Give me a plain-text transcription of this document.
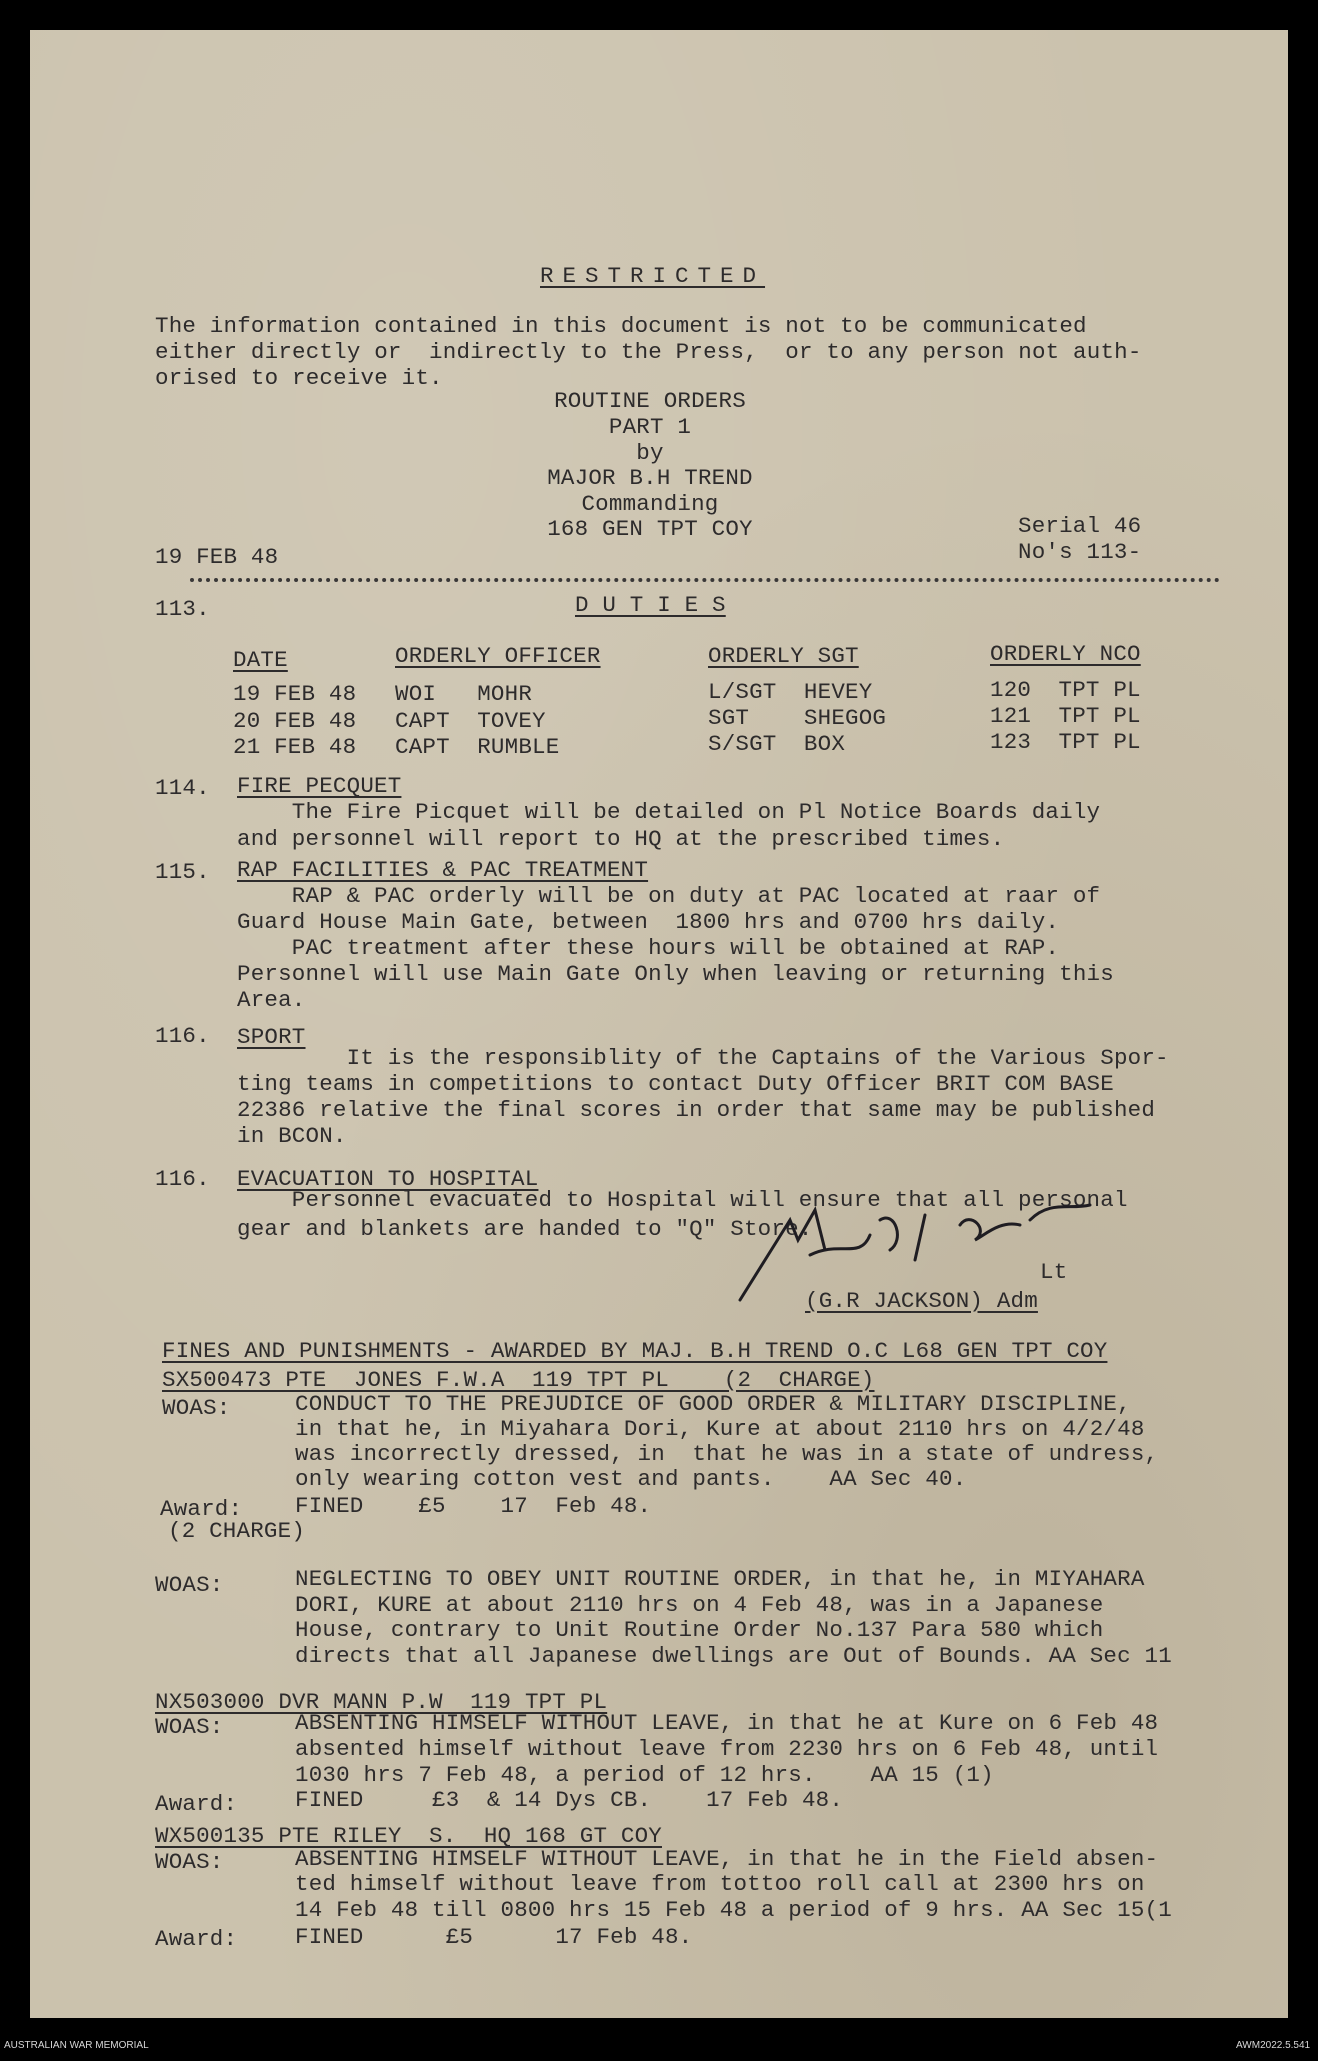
RESTRICTED
The information contained in this document is not to be communicated
either directly or  indirectly to the Press,  or to any person not auth-
orised to receive it.
ROUTINE ORDERS
PART 1
by
MAJOR B.H TREND
Commanding
168 GEN TPT COY
19 FEB 48
Serial 46
No's 113-
113.	D U T I E S
DATE	ORDERLY OFFICER	ORDERLY SGT	ORDERLY NCO
19 FEB 48 WOI   MOHR	L/SGT  HEVEY	120  TPT PL
20 FEB 48 CAPT  TOVEY	SGT    SHEGOG	121  TPT PL
21 FEB 48 CAPT  RUMBLE	S/SGT  BOX	123  TPT PL
114. FIRE PECQUET
The Fire Picquet will be detailed on Pl Notice Boards daily
and personnel will report to HQ at the prescribed times.
115. RAP FACILITIES & PAC TREATMENT
RAP & PAC orderly will be on duty at PAC located at raar of
Guard House Main Gate, between  1800 hrs and 0700 hrs daily.
PAC treatment after these hours will be obtained at RAP.
Personnel will use Main Gate Only when leaving or returning this
Area.
116. SPORT
It is the responsiblity of the Captains of the Various Spor-
ting teams in competitions to contact Duty Officer BRIT COM BASE
22386 relative the final scores in order that same may be published
in BCON.
116. EVACUATION TO HOSPITAL
Personnel evacuated to Hospital will ensure that all personal
gear and blankets are handed to "Q" Store.
Lt
(G.R JACKSON) Adm
FINES AND PUNISHMENTS - AWARDED BY MAJ. B.H TREND O.C L68 GEN TPT COY
SX500473 PTE  JONES F.W.A  119 TPT PL    (2  CHARGE)
WOAS:	CONDUCT TO THE PREJUDICE OF GOOD ORDER & MILITARY DISCIPLINE,
in that he, in Miyahara Dori, Kure at about 2110 hrs on 4/2/48
was incorrectly dressed, in  that he was in a state of undress,
only wearing cotton vest and pants.    AA Sec 40.
Award: FINED    £5    17  Feb 48.
(2 CHARGE)
WOAS:	NEGLECTING TO OBEY UNIT ROUTINE ORDER, in that he, in MIYAHARA
DORI, KURE at about 2110 hrs on 4 Feb 48, was in a Japanese
House, contrary to Unit Routine Order No.137 Para 580 which
directs that all Japanese dwellings are Out of Bounds. AA Sec 11
NX503000 DVR MANN P.W  119 TPT PL
WOAS:	ABSENTING HIMSELF WITHOUT LEAVE, in that he at Kure on 6 Feb 48
absented himself without leave from 2230 hrs on 6 Feb 48, until
1030 hrs 7 Feb 48, a period of 12 hrs.    AA 15 (1)
Award:	FINED     £3  & 14 Dys CB.    17 Feb 48.
WX500135 PTE RILEY  S.  HQ 168 GT COY
WOAS:	ABSENTING HIMSELF WITHOUT LEAVE, in that he in the Field absen-
ted himself without leave from tottoo roll call at 2300 hrs on
14 Feb 48 till 0800 hrs 15 Feb 48 a period of 9 hrs. AA Sec 15(1
Award:	FINED      £5      17 Feb 48.
AUSTRALIAN WAR MEMORIAL	AWM2022.5.541
